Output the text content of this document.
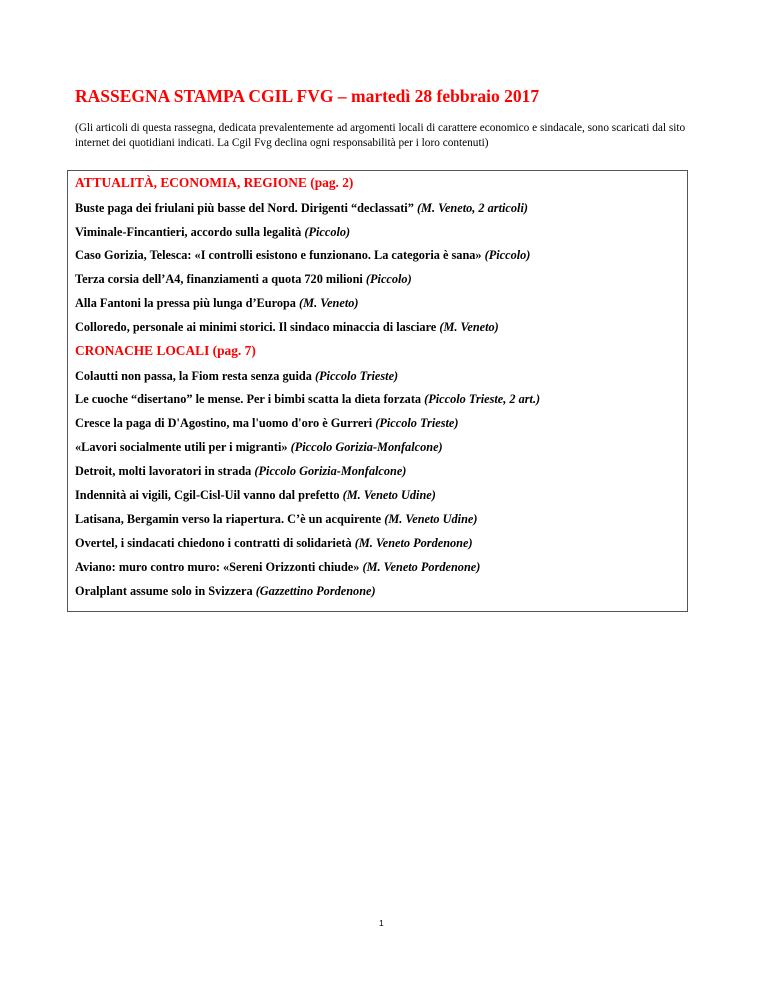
RASSEGNA STAMPA CGIL FVG – martedì 28 febbraio 2017
(Gli articoli di questa rassegna, dedicata prevalentemente ad argomenti locali di carattere economico e sindacale, sono scaricati dal sito internet dei quotidiani indicati. La Cgil Fvg declina ogni responsabilità per i loro contenuti)
ATTUALITÀ, ECONOMIA, REGIONE (pag. 2)
Buste paga dei friulani più basse del Nord. Dirigenti “declassati” (M. Veneto, 2 articoli)
Viminale-Fincantieri, accordo sulla legalità (Piccolo)
Caso Gorizia, Telesca: «I controlli esistono e funzionano. La categoria è sana» (Piccolo)
Terza corsia dell’A4, finanziamenti a quota 720 milioni (Piccolo)
Alla Fantoni la pressa più lunga d’Europa (M. Veneto)
Colloredo, personale ai minimi storici. Il sindaco minaccia di lasciare (M. Veneto)
CRONACHE LOCALI (pag. 7)
Colautti non passa, la Fiom resta senza guida (Piccolo Trieste)
Le cuoche “disertano” le mense. Per i bimbi scatta la dieta forzata (Piccolo Trieste, 2 art.)
Cresce la paga di D'Agostino, ma l'uomo d'oro è Gurreri (Piccolo Trieste)
«Lavori socialmente utili per i migranti» (Piccolo Gorizia-Monfalcone)
Detroit, molti lavoratori in strada (Piccolo Gorizia-Monfalcone)
Indennità ai vigili, Cgil-Cisl-Uil vanno dal prefetto (M. Veneto Udine)
Latisana, Bergamin verso la riapertura. C’è un acquirente (M. Veneto Udine)
Overtel, i sindacati chiedono i contratti di solidarietà (M. Veneto Pordenone)
Aviano: muro contro muro: «Sereni Orizzonti chiude» (M. Veneto Pordenone)
Oralplant assume solo in Svizzera (Gazzettino Pordenone)
1
